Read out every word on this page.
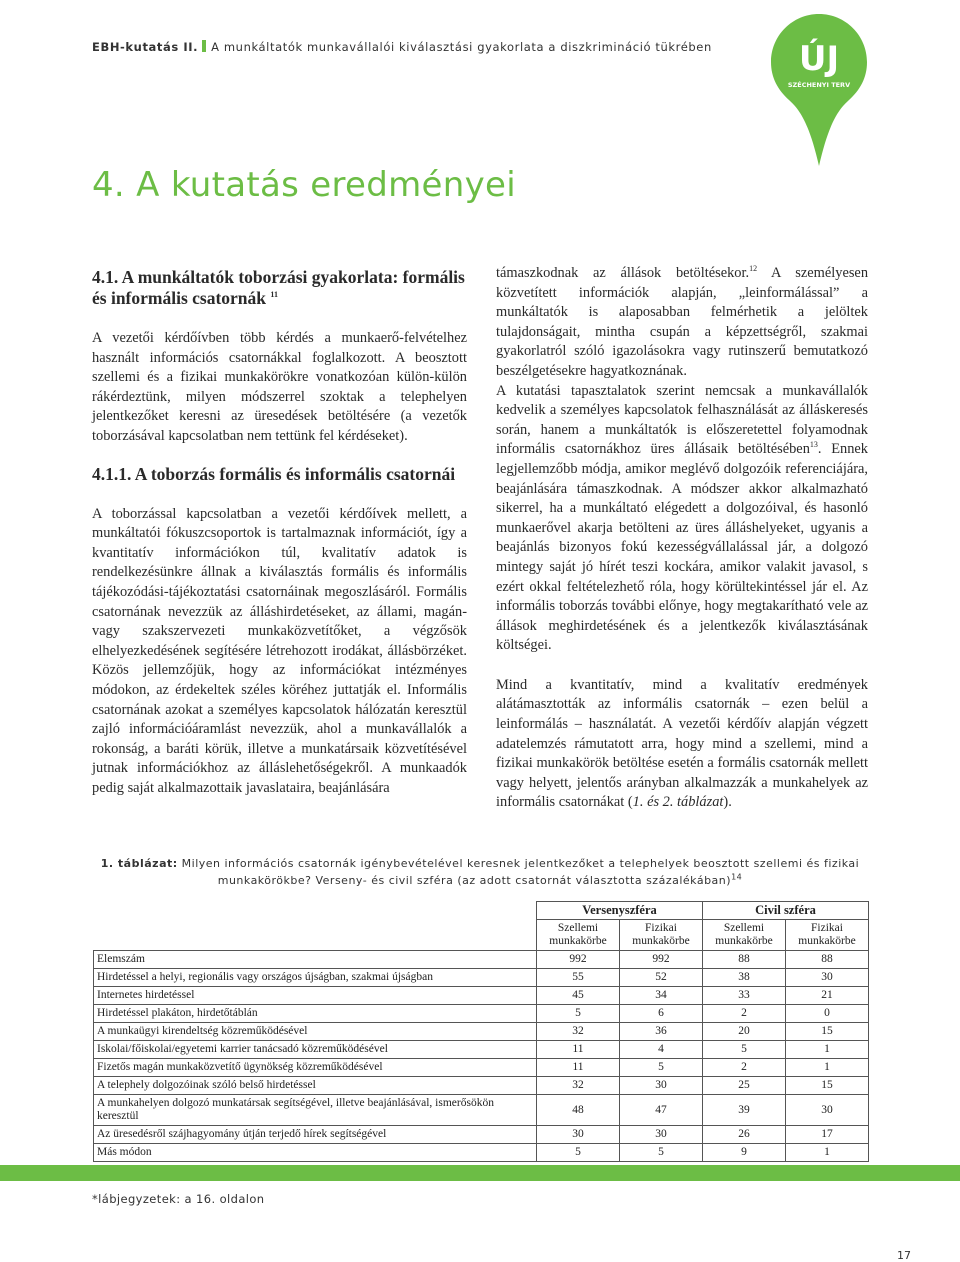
EBH-kutatás II. A munkáltatók munkavállalói kiválasztási gyakorlata a diszkrimináció tükrében	ÚJ
SZÉCHENYI TERV
4. A kutatás eredményei
4.1. A munkáltatók toborzási gyakorlata: formális és informális csatornák $^{11}$

A vezetői kérdőívben több kérdés a munkaerő-felvételhez használt információs csatornákkal foglalkozott. A beosztott szellemi és a fizikai munkakörökre vonatkozóan külön-külön rákérdeztünk, milyen módszerrel szoktak a telephelyen jelentkezőket keresni az üresedések betöltésére (a vezetők toborzásával kapcsolatban nem tettünk fel kérdéseket).

4.1.1. A toborzás formális és informális csatornái

A toborzással kapcsolatban a vezetői kérdőívek mellett, a munkáltatói fókuszcsoportok is tartalmaznak információt, így a kvantitatív információkon túl, kvalitatív adatok is rendelkezésünkre állnak a kiválasztás formális és informális tájékozódási-tájékoztatási csatornáinak megoszlásáról. Formális csatornának nevezzük az álláshirdetéseket, az állami, magán- vagy szakszervezeti munkaközvetítőket, a végzősök elhelyezkedésének segítésére létrehozott irodákat, állásbörzéket. Közös jellemzőjük, hogy az információkat intézményes módokon, az érdekeltek széles köréhez juttatják el. Informális csatornának azokat a személyes kapcsolatok hálózatán keresztül zajló információáramlást nevezzük, ahol a munkavállalók a rokonság, a baráti körük, illetve a munkatársaik közvetítésével jutnak információkhoz az álláslehetőségekről. A munkaadók pedig saját alkalmazottaik javaslataira, beajánlására

támaszkodnak az állások betöltésekor.$^{12}$ A személyesen közvetített információk alapján, „leinformálással” a munkáltatók is alaposabban felmérhetik a jelöltek tulajdonságait, mintha csupán a képzettségről, szakmai gyakorlatról szóló igazolásokra vagy rutinszerű bemutatkozó beszélgetésekre hagyatkoznának.

A kutatási tapasztalatok szerint nemcsak a munkavállalók kedvelik a személyes kapcsolatok felhasználását az álláskeresés során, hanem a munkáltatók is előszeretettel folyamodnak informális csatornákhoz üres állásaik betöltésében$^{13}$. Ennek legjellemzőbb módja, amikor meglévő dolgozóik referenciájára, beajánlására támaszkodnak. A módszer akkor alkalmazható sikerrel, ha a munkáltató elégedett a dolgozóival, és hasonló munkaerővel akarja betölteni az üres álláshelyeket, ugyanis a beajánlás bizonyos fokú kezességvállalással jár, a dolgozó mintegy saját jó hírét teszi kockára, amikor valakit javasol, s ezért okkal feltételezhető róla, hogy körültekintéssel jár el. Az informális toborzás további előnye, hogy megtakarítható vele az állások meghirdetésének és a jelentkezők kiválasztásának költségei.

Mind a kvantitatív, mind a kvalitatív eredmények alátámasztották az informális csatornák – ezen belül a leinformálás – használatát. A vezetői kérdőív alapján végzett adatelemzés rámutatott arra, hogy mind a szellemi, mind a fizikai munkakörök betöltése esetén a formális csatornák mellett vagy helyett, jelentős arányban alkalmazzák a munkahelyek az informális csatornákat (1. és 2. táblázat).

1. táblázat: Milyen információs csatornák igénybevételével keresnek jelentkezőket a telephelyek beosztott szellemi és fizikai munkakörökbe? Verseny- és civil szféra (az adott csatornát választotta százalékában)$^{14}$
	Versenyszféra		Civil szféra	
	Szellemi munkakörbe	Fizikai munkakörbe	Szellemi munkakörbe	Fizikai munkakörbe
Elemszám	992	992	88	88
Hirdetéssel a helyi, regionális vagy országos újságban, szakmai újságban	55	52	38	30
Internetes hirdetéssel	45	34	33	21
Hirdetéssel plakáton, hirdetőtáblán	5	6	2	0
A munkaügyi kirendeltség közreműködésével	32	36	20	15
Iskolai/főiskolai/egyetemi karrier tanácsadó közreműködésével	11	4	5	1
Fizetős magán munkaközvetítő ügynökség közreműködésével	11	5	2	1
A telephely dolgozóinak szóló belső hirdetéssel	32	30	25	15
A munkahelyen dolgozó munkatársak segítségével, illetve beajánlásával, ismerősökön keresztül	48	47	39	30
Az üresedésről szájhagyomány útján terjedő hírek segítségével	30	30	26	17
Más módon	5	5	9	1
*lábjegyzetek: a 16. oldalon
17
